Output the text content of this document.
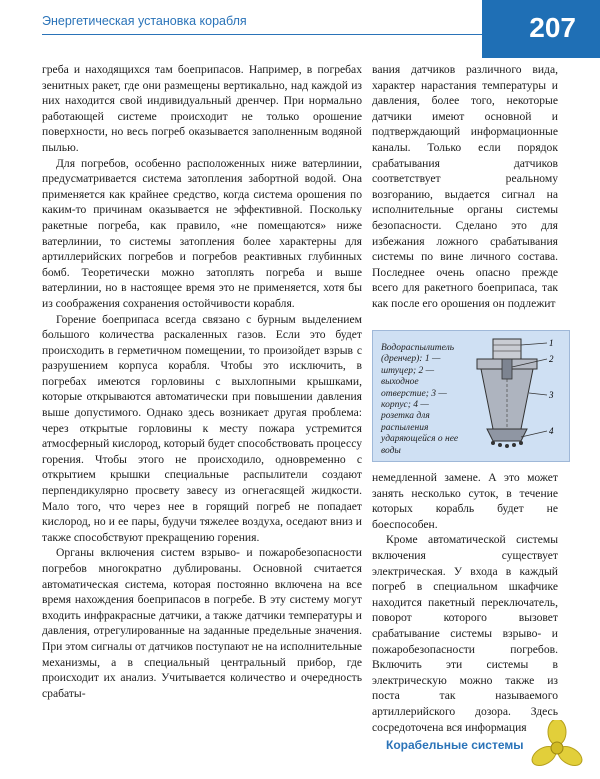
Энергетическая установка корабля	207

греба и находящихся там боеприпасов. Например, в погребах зенитных ракет, где они размещены вертикально, над каждой из них находится свой индивидуальный дренчер. При нормально работающей системе происходит не только орошение поверхности, но весь погреб оказывается заполненным водяной пылью.

Для погребов, особенно расположенных ниже ватерлинии, предусматривается система затопления забортной водой. Она применяется как крайнее средство, когда система орошения по каким-то причинам оказывается не эффективной. Поскольку ракетные погреба, как правило, «не помещаются» ниже ватерлинии, то системы затопления более характерны для артиллерийских погребов и погребов реактивных глубинных бомб. Теоретически можно затоплять погреба и выше ватерлинии, но в настоящее время это не применяется, хотя бы из соображения сохранения остойчивости корабля.

Горение боеприпаса всегда связано с бурным выделением большого количества раскаленных газов. Если это будет происходить в герметичном помещении, то произойдет взрыв с разрушением корпуса корабля. Чтобы это исключить, в погребах имеются горловины с выхлопными крышками, которые открываются автоматически при повышении давления выше допустимого. Однако здесь возникает другая проблема: через открытые горловины к месту пожара устремится атмосферный кислород, который будет способствовать процессу горения. Чтобы этого не происходило, одновременно с открытием крышки специальные распылители создают перпендикулярно просвету завесу из огнегасящей жидкости. Мало того, что через нее в горящий погреб не попадает кислород, но и ее пары, будучи тяжелее воздуха, оседают вниз и также способствуют прекращению горения.

Органы включения систем взрыво- и пожаробезопасности погребов многократно дублированы. Основной считается автоматическая система, которая постоянно включена на все время нахождения боеприпасов в погребе. В эту систему могут входить инфракрасные датчики, а также датчики температуры и давления, отрегулированные на заданные предельные значения. При этом сигналы от датчиков поступают не на исполнительные механизмы, а в специальный центральный прибор, где происходит их анализ. Учитывается количество и очередность срабаты-

вания датчиков различного вида, характер нарастания температуры и давления, более того, некоторые датчики имеют основной и подтверждающий информационные каналы. Только если порядок срабатывания датчиков соответствует реальному возгоранию, выдается сигнал на исполнительные органы системы безопасности. Сделано это для избежания ложного срабатывания системы по вине личного состава. Последнее очень опасно прежде всего для ракетного боеприпаса, так как после его орошения он подлежит

Водораспылитель (дренчер): 1 — штуцер; 2 — выходное отверстие; 3 — корпус; 4 — розетка для распыления ударяющейся о нее воды
1
2
3
4

немедленной замене. А это может занять несколько суток, в течение которых корабль будет не боеспособен.

Кроме автоматической системы включения существует электрическая. У входа в каждый погреб в специальном шкафчике находится пакетный переключатель, поворот которого вызовет срабатывание системы взрыво- и пожаробезопасности погребов. Включить эти системы в электрическую можно также из поста так называемого артиллерийского дозора. Здесь сосредоточена вся информация

Корабельные системы
